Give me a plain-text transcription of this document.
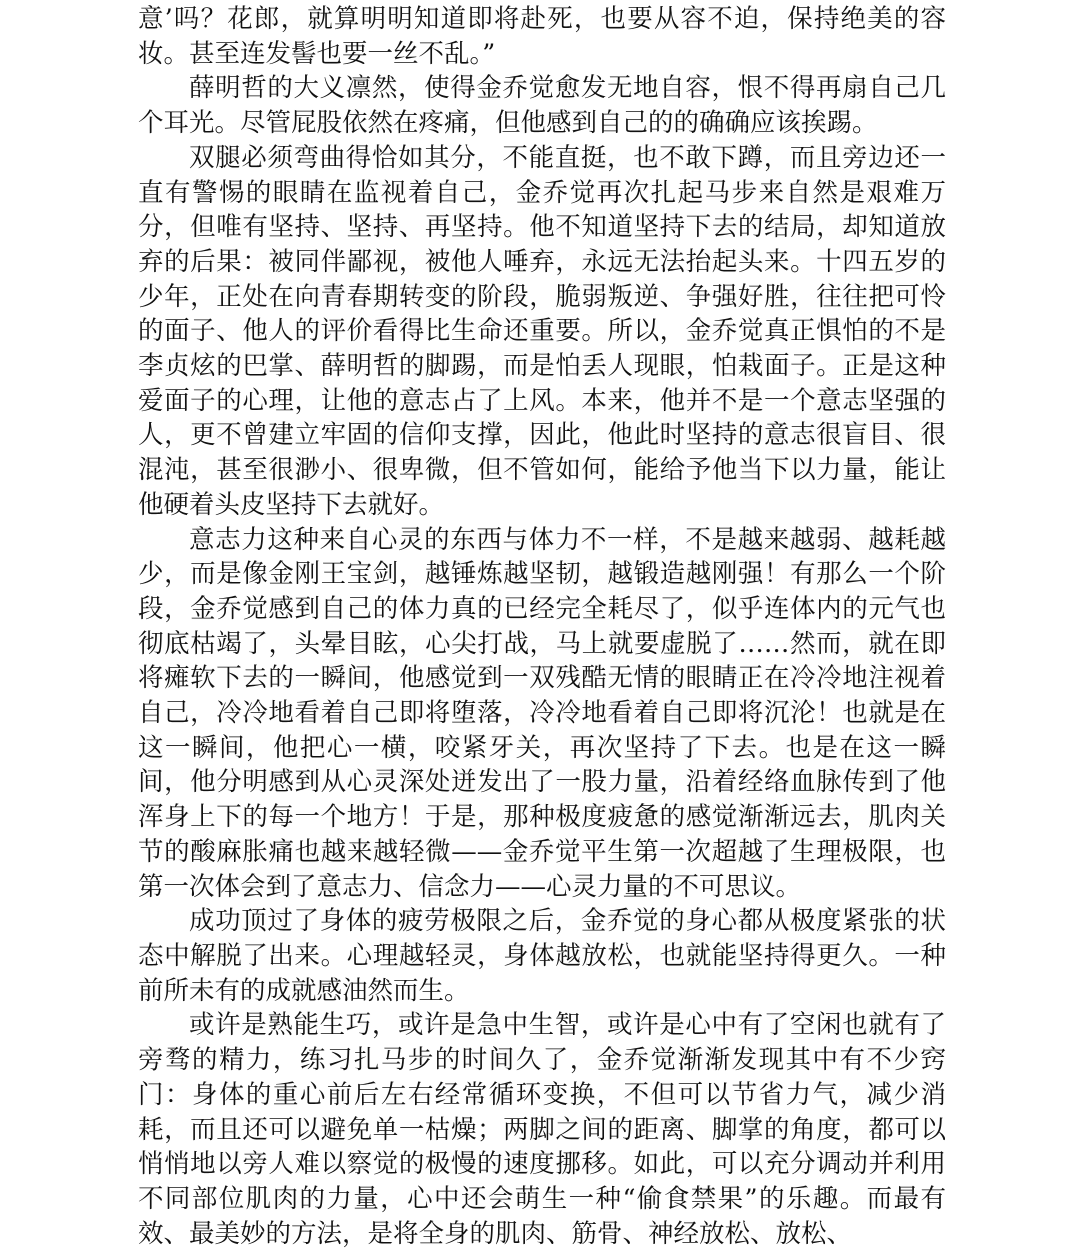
意’吗？花郎，就算明明知道即将赴死，也要从容不迫，保持绝美的容妆。甚至连发髻也要一丝不乱。”

薛明哲的大义凛然，使得金乔觉愈发无地自容，恨不得再扇自己几个耳光。尽管屁股依然在疼痛，但他感到自己的的确确应该挨踢。

双腿必须弯曲得恰如其分，不能直挺，也不敢下蹲，而且旁边还一直有警惕的眼睛在监视着自己，金乔觉再次扎起马步来自然是艰难万分，但唯有坚持、坚持、再坚持。他不知道坚持下去的结局，却知道放弃的后果：被同伴鄙视，被他人唾弃，永远无法抬起头来。十四五岁的少年，正处在向青春期转变的阶段，脆弱叛逆、争强好胜，往往把可怜的面子、他人的评价看得比生命还重要。所以，金乔觉真正惧怕的不是李贞炫的巴掌、薛明哲的脚踢，而是怕丢人现眼，怕栽面子。正是这种爱面子的心理，让他的意志占了上风。本来，他并不是一个意志坚强的人，更不曾建立牢固的信仰支撑，因此，他此时坚持的意志很盲目、很混沌，甚至很渺小、很卑微，但不管如何，能给予他当下以力量，能让他硬着头皮坚持下去就好。

意志力这种来自心灵的东西与体力不一样，不是越来越弱、越耗越少，而是像金刚王宝剑，越锤炼越坚韧，越锻造越刚强！有那么一个阶段，金乔觉感到自己的体力真的已经完全耗尽了，似乎连体内的元气也彻底枯竭了，头晕目眩，心尖打战，马上就要虚脱了……然而，就在即将瘫软下去的一瞬间，他感觉到一双残酷无情的眼睛正在冷冷地注视着自己，冷冷地看着自己即将堕落，冷冷地看着自己即将沉沦！也就是在这一瞬间，他把心一横，咬紧牙关，再次坚持了下去。也是在这一瞬间，他分明感到从心灵深处迸发出了一股力量，沿着经络血脉传到了他浑身上下的每一个地方！于是，那种极度疲惫的感觉渐渐远去，肌肉关节的酸麻胀痛也越来越轻微——金乔觉平生第一次超越了生理极限，也第一次体会到了意志力、信念力——心灵力量的不可思议。

成功顶过了身体的疲劳极限之后，金乔觉的身心都从极度紧张的状态中解脱了出来。心理越轻灵，身体越放松，也就能坚持得更久。一种前所未有的成就感油然而生。

或许是熟能生巧，或许是急中生智，或许是心中有了空闲也就有了旁骛的精力，练习扎马步的时间久了，金乔觉渐渐发现其中有不少窍门：身体的重心前后左右经常循环变换，不但可以节省力气，减少消耗，而且还可以避免单一枯燥；两脚之间的距离、脚掌的角度，都可以悄悄地以旁人难以察觉的极慢的速度挪移。如此，可以充分调动并利用不同部位肌肉的力量，心中还会萌生一种“偷食禁果”的乐趣。而最有效、最美妙的方法，是将全身的肌肉、筋骨、神经放松、放松、
